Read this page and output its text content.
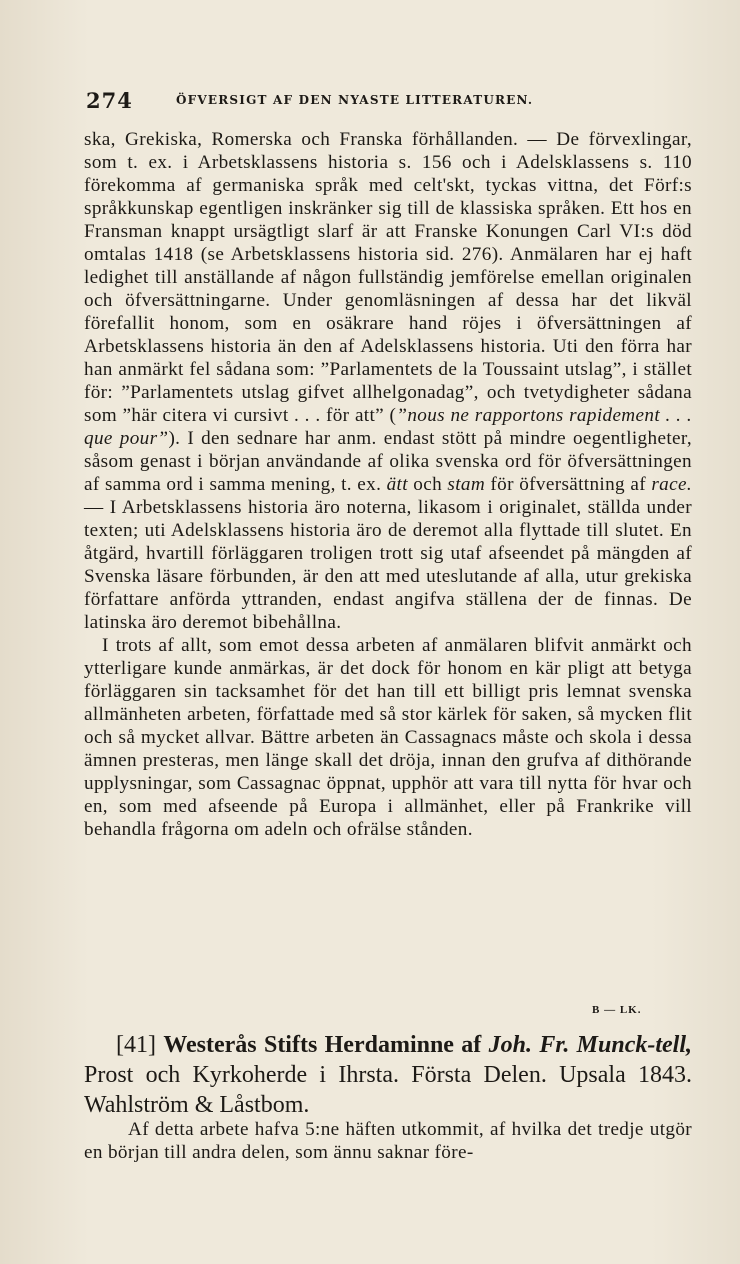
274	ÖFVERSIGT AF DEN NYASTE LITTERATUREN.

ska, Grekiska, Romerska och Franska förhållanden. — De förvexlingar, som t. ex. i Arbetsklassens historia s. 156 och i Adelsklassens s. 110 förekomma af germaniska språk med celt'skt, tyckas vittna, det Förf:s språkkunskap egentligen inskränker sig till de klassiska språken. Ett hos en Fransman knappt ursägtligt slarf är att Franske Konungen Carl VI:s död omtalas 1418 (se Arbetsklassens historia sid. 276). Anmälaren har ej haft ledighet till anställande af någon fullständig jemförelse emellan originalen och öfversättningarne. Under genomläsningen af dessa har det likväl förefallit honom, som en osäkrare hand röjes i öfversättningen af Arbetsklassens historia än den af Adelsklassens historia. Uti den förra har han anmärkt fel sådana som: ”Parlamentets de la Toussaint utslag”, i stället för: ”Parlamentets utslag gifvet allhelgonadag”, och tvetydigheter sådana som ”här citera vi cursivt . . . för att” (”nous ne rapportons rapidement . . . que pour”). I den sednare har anm. endast stött på mindre oegentligheter, såsom genast i början användande af olika svenska ord för öfversättningen af samma ord i samma mening, t. ex. ätt och stam för öfversättning af race. — I Arbetsklassens historia äro noterna, likasom i originalet, ställda under texten; uti Adelsklassens historia äro de deremot alla flyttade till slutet. En åtgärd, hvartill förläggaren troligen trott sig utaf afseendet på mängden af Svenska läsare förbunden, är den att med uteslutande af alla, utur grekiska författare anförda yttranden, endast angifva ställena der de finnas. De latinska äro deremot bibehållna.

I trots af allt, som emot dessa arbeten af anmälaren blifvit anmärkt och ytterligare kunde anmärkas, är det dock för honom en kär pligt att betyga förläggaren sin tacksamhet för det han till ett billigt pris lemnat svenska allmänheten arbeten, författade med så stor kärlek för saken, så mycken flit och så mycket allvar. Bättre arbeten än Cassagnacs måste och skola i dessa ämnen presteras, men länge skall det dröja, innan den grufva af dithörande upplysningar, som Cassagnac öppnat, upphör att vara till nytta för hvar och en, som med afseende på Europa i allmänhet, eller på Frankrike vill behandla frågorna om adeln och ofrälse stånden.

B — LK.
[41] Westerås Stifts Herdaminne af Joh. Fr. Munck-tell, Prost och Kyrkoherde i Ihrsta. Första Delen. Upsala 1843. Wahlström & Låstbom.
Af detta arbete hafva 5:ne häften utkommit, af hvilka det tredje utgör en början till andra delen, som ännu saknar före-
